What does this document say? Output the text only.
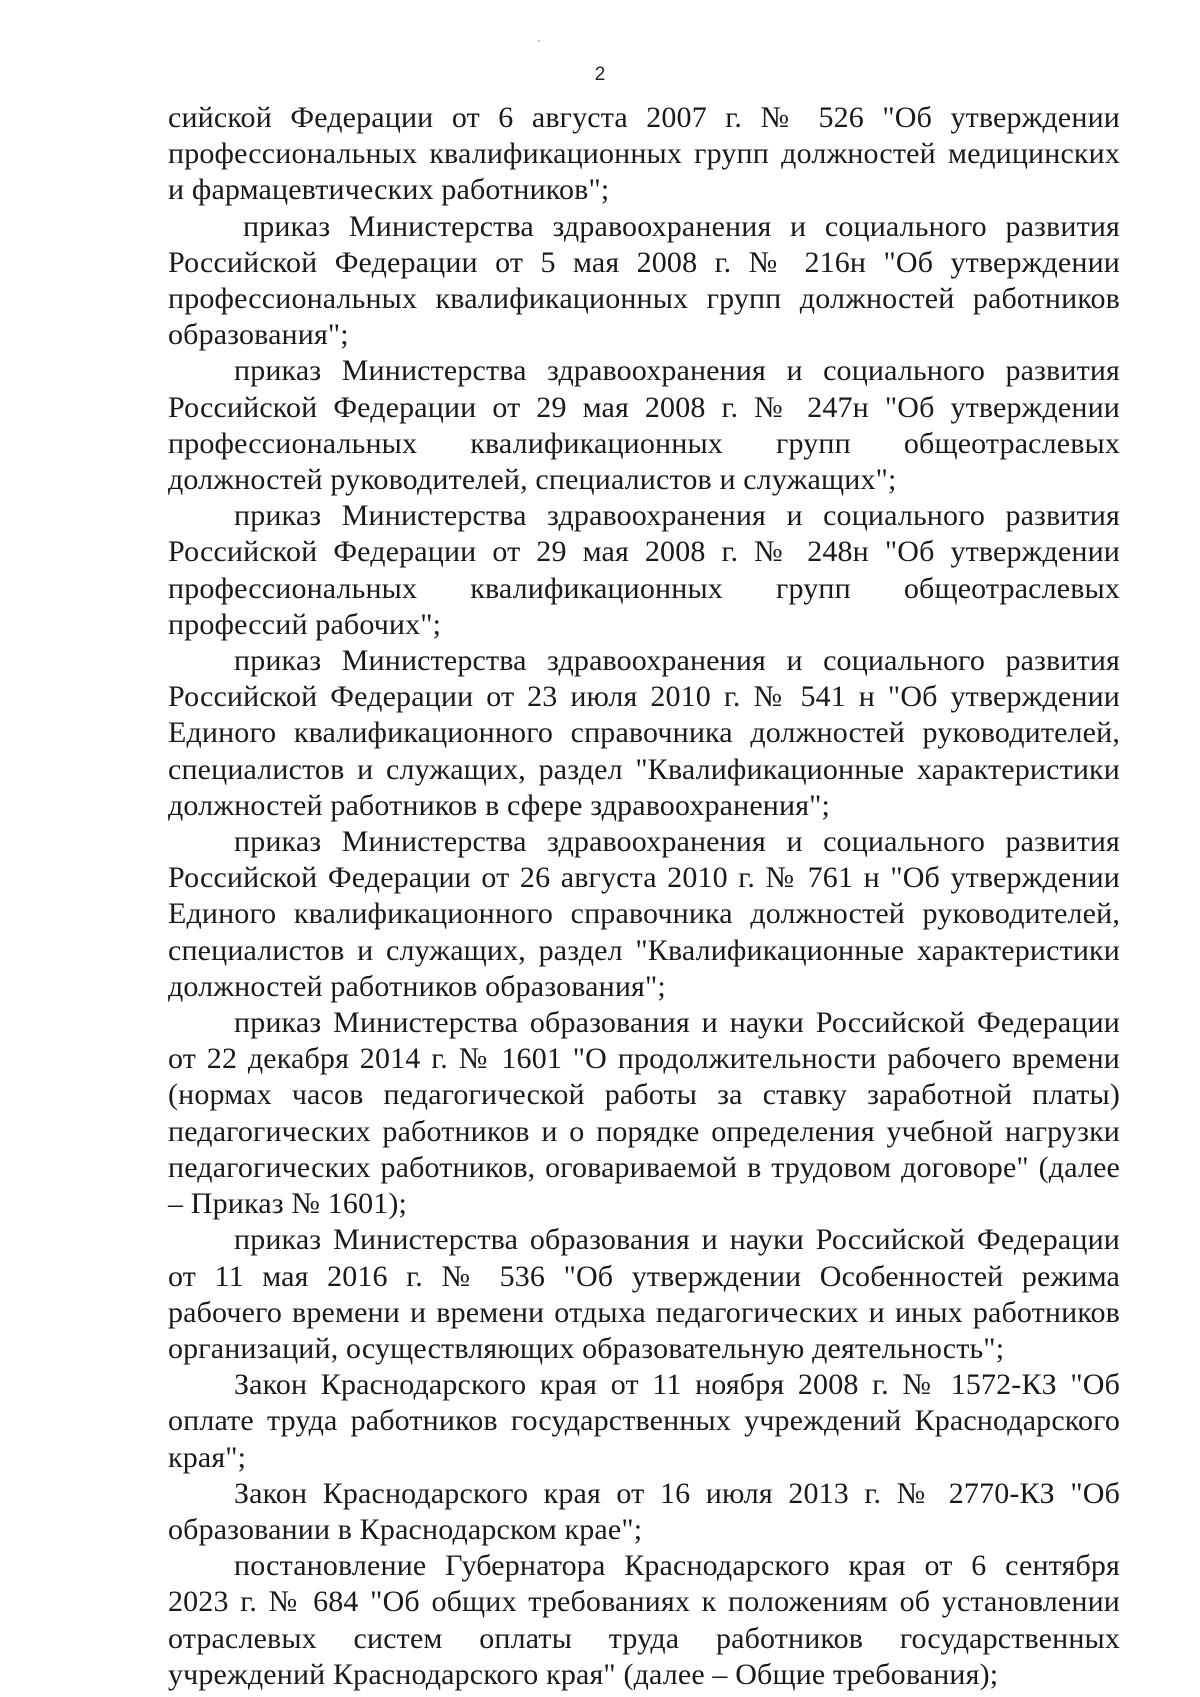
2

сийской Федерации от 6 августа 2007 г. № 526 "Об утверждении профессиональных квалификационных групп должностей медицинских и фармацевтических работников";

приказ Министерства здравоохранения и социального развития Российской Федерации от 5 мая 2008 г. № 216н "Об утверждении профессиональных квалификационных групп должностей работников образования";

приказ Министерства здравоохранения и социального развития Российской Федерации от 29 мая 2008 г. № 247н "Об утверждении профессиональных квалификационных групп общеотраслевых должностей руководителей, специалистов и служащих";

приказ Министерства здравоохранения и социального развития Российской Федерации от 29 мая 2008 г. № 248н "Об утверждении профессиональных квалификационных групп общеотраслевых профессий рабочих";

приказ Министерства здравоохранения и социального развития Российской Федерации от 23 июля 2010 г. № 541 н "Об утверждении Единого квалификационного справочника должностей руководителей, специалистов и служащих, раздел "Квалификационные характеристики должностей работников в сфере здравоохранения";

приказ Министерства здравоохранения и социального развития Российской Федерации от 26 августа 2010 г. № 761 н "Об утверждении Единого квалификационного справочника должностей руководителей, специалистов и служащих, раздел "Квалификационные характеристики должностей работников образования";

приказ Министерства образования и науки Российской Федерации от 22 декабря 2014 г. № 1601 "О продолжительности рабочего времени (нормах часов педагогической работы за ставку заработной платы) педагогических работников и о порядке определения учебной нагрузки педагогических работников, оговариваемой в трудовом договоре" (далее – Приказ № 1601);

приказ Министерства образования и науки Российской Федерации от 11 мая 2016 г. № 536 "Об утверждении Особенностей режима рабочего времени и времени отдыха педагогических и иных работников организаций, осуществляющих образовательную деятельность";

Закон Краснодарского края от 11 ноября 2008 г. № 1572-КЗ "Об оплате труда работников государственных учреждений Краснодарского края";

Закон Краснодарского края от 16 июля 2013 г. № 2770-КЗ "Об образовании в Краснодарском крае";

постановление Губернатора Краснодарского края от 6 сентября 2023 г. № 684 "Об общих требованиях к положениям об установлении отраслевых систем оплаты труда работников государственных учреждений Краснодарского края" (далее – Общие требования);
